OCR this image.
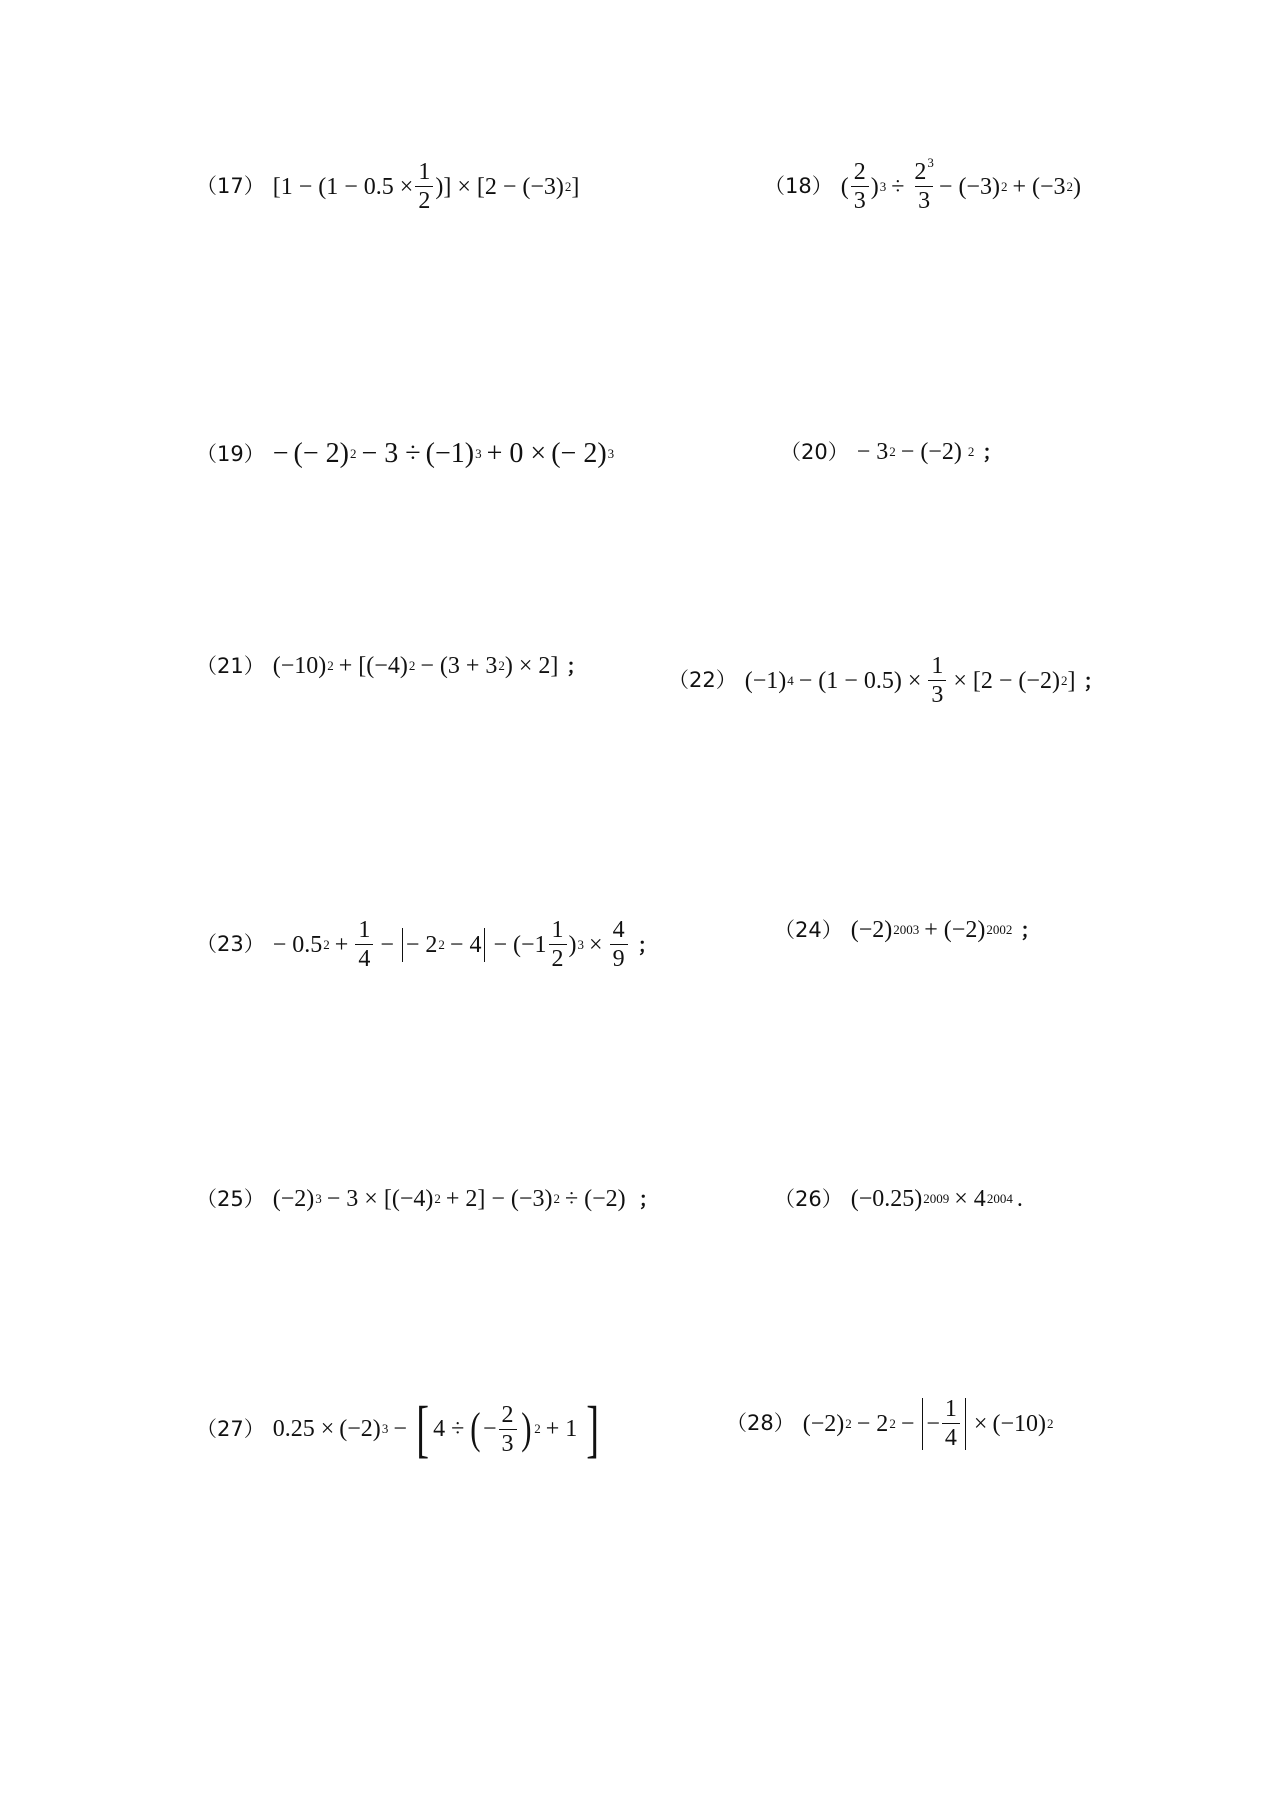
（17） [$1 - (1 - 0.5 \times \frac{1}{2}$ )] × [2 − (−3) 2 ]	（18） ( $\frac{2}{3}$ ) $3 \div \frac{2^3}{3} - (-3) 2 + (-3$ 2 )
（19） − (− 2) 2 − 3 ÷ (−1) 3 + 0 × (− 2) 3	（20） − 3 2 − (−2) 2 ；
（21） (−10) 2 + [(−4) 2 − (3 + 3 2 ) × 2] ；
（22） (−1) $4 - (1 - 0.5) \times \frac{1}{3} \times [2 - (-2)$ 2 ] ；
（23） − 0.5 $2 + \frac{1}{4}$ − − 2 $2 - 4 - (-1 \frac{1}{2}$ ) $3 \times \frac{4}{9}$ ；
（24） (−2) 2003 + (−2) 2002 ；
（25） (−2) 3 − 3 × [(−4) 2 + 2] − (−3) 2 ÷ (−2) ；	（26） (−0.25) 2009 × 4 2004 .
（27） 0.25 × (−2) 3 − [ 4 ÷ ( − $\frac{2}{3}$ ) 2 + 1 ]	（28） (−2) 2 − 2 2 − − $\frac{1}{4} \times (-10)$ 2
